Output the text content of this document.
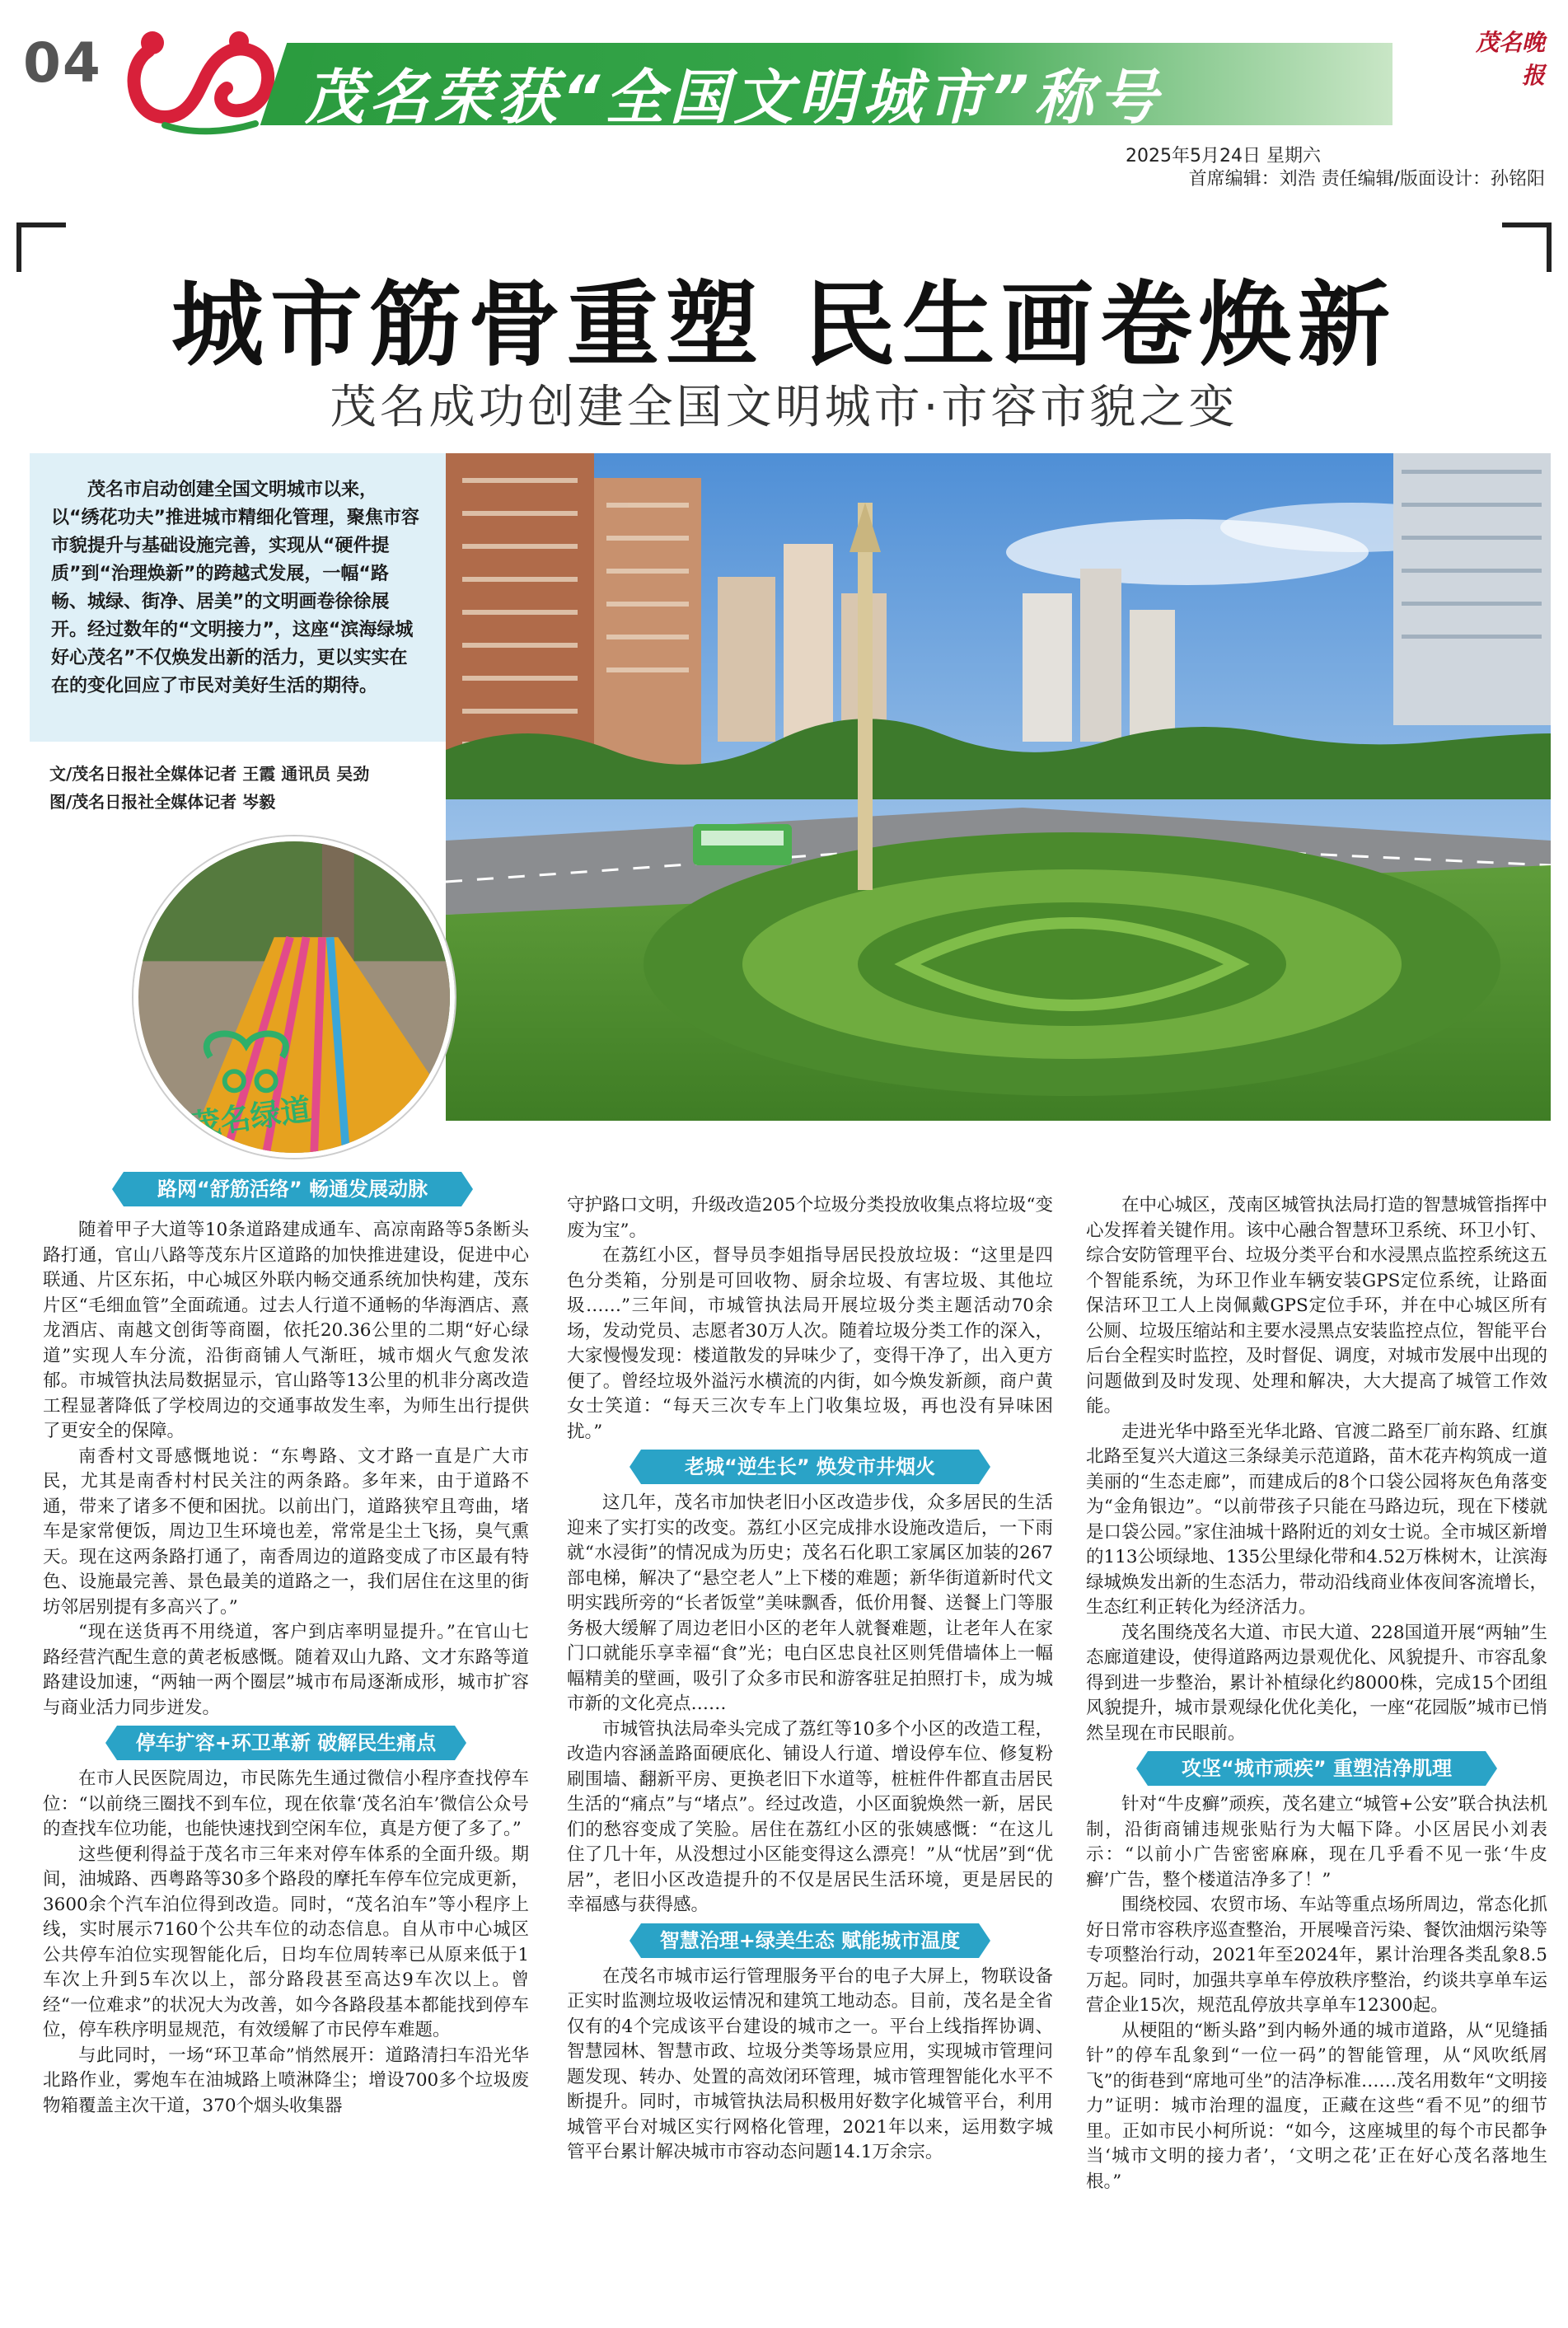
04	茂名荣获“全国文明城市”称号
茂名晚报
2025年5月24日 星期六
首席编辑：刘浩 责任编辑/版面设计：孙铭阳
城市筋骨重塑 民生画卷焕新
茂名成功创建全国文明城市·市容市貌之变

茂名市启动创建全国文明城市以来，以“绣花功夫”推进城市精细化管理，聚焦市容市貌提升与基础设施完善，实现从“硬件提质”到“治理焕新”的跨越式发展，一幅“路畅、城绿、街净、居美”的文明画卷徐徐展开。经过数年的“文明接力”，这座“滨海绿城 好心茂名”不仅焕发出新的活力，更以实实在在的变化回应了市民对美好生活的期待。

文/茂名日报社全媒体记者 王霞 通讯员 吴劲
图/茂名日报社全媒体记者 岑毅
茂名绿道
路网“舒筋活络” 畅通发展动脉

随着甲子大道等10条道路建成通车、高凉南路等5条断头路打通，官山八路等茂东片区道路的加快推进建设，促进中心联通、片区东拓，中心城区外联内畅交通系统加快构建，茂东片区“毛细血管”全面疏通。过去人行道不通畅的华海酒店、熹龙酒店、南越文创街等商圈，依托20.36公里的二期“好心绿道”实现人车分流，沿街商铺人气渐旺，城市烟火气愈发浓郁。市城管执法局数据显示，官山路等13公里的机非分离改造工程显著降低了学校周边的交通事故发生率，为师生出行提供了更安全的保障。

南香村文哥感慨地说：“东粤路、文才路一直是广大市民，尤其是南香村村民关注的两条路。多年来，由于道路不通，带来了诸多不便和困扰。以前出门，道路狭窄且弯曲，堵车是家常便饭，周边卫生环境也差，常常是尘土飞扬，臭气熏天。现在这两条路打通了，南香周边的道路变成了市区最有特色、设施最完善、景色最美的道路之一，我们居住在这里的街坊邻居别提有多高兴了。”

“现在送货再不用绕道，客户到店率明显提升。”在官山七路经营汽配生意的黄老板感慨。随着双山九路、文才东路等道路建设加速，“两轴一两个圈层”城市布局逐渐成形，城市扩容与商业活力同步迸发。

停车扩容+环卫革新 破解民生痛点

在市人民医院周边，市民陈先生通过微信小程序查找停车位：“以前绕三圈找不到车位，现在依靠‘茂名泊车’微信公众号的查找车位功能，也能快速找到空闲车位，真是方便了多了。”

这些便利得益于茂名市三年来对停车体系的全面升级。期间，油城路、西粤路等30多个路段的摩托车停车位完成更新，3600余个汽车泊位得到改造。同时，“茂名泊车”等小程序上线，实时展示7160个公共车位的动态信息。自从市中心城区公共停车泊位实现智能化后，日均车位周转率已从原来低于1车次上升到5车次以上，部分路段甚至高达9车次以上。曾经“一位难求”的状况大为改善，如今各路段基本都能找到停车位，停车秩序明显规范，有效缓解了市民停车难题。

与此同时，一场“环卫革命”悄然展开：道路清扫车沿光华北路作业，雾炮车在油城路上喷淋降尘；增设700多个垃圾废物箱覆盖主次干道，370个烟头收集器

守护路口文明，升级改造205个垃圾分类投放收集点将垃圾“变废为宝”。

在荔红小区，督导员李姐指导居民投放垃圾：“这里是四色分类箱，分别是可回收物、厨余垃圾、有害垃圾、其他垃圾……”三年间，市城管执法局开展垃圾分类主题活动70余场，发动党员、志愿者30万人次。随着垃圾分类工作的深入，大家慢慢发现：楼道散发的异味少了，变得干净了，出入更方便了。曾经垃圾外溢污水横流的内街，如今焕发新颜，商户黄女士笑道：“每天三次专车上门收集垃圾，再也没有异味困扰。”

老城“逆生长” 焕发市井烟火

这几年，茂名市加快老旧小区改造步伐，众多居民的生活迎来了实打实的改变。荔红小区完成排水设施改造后，一下雨就“水浸街”的情况成为历史；茂名石化职工家属区加装的267部电梯，解决了“悬空老人”上下楼的难题；新华街道新时代文明实践所旁的“长者饭堂”美味飘香，低价用餐、送餐上门等服务极大缓解了周边老旧小区的老年人就餐难题，让老年人在家门口就能乐享幸福“食”光；电白区忠良社区则凭借墙体上一幅幅精美的壁画，吸引了众多市民和游客驻足拍照打卡，成为城市新的文化亮点……

市城管执法局牵头完成了荔红等10多个小区的改造工程，改造内容涵盖路面硬底化、铺设人行道、增设停车位、修复粉刷围墙、翻新平房、更换老旧下水道等，桩桩件件都直击居民生活的“痛点”与“堵点”。经过改造，小区面貌焕然一新，居民们的愁容变成了笑脸。居住在荔红小区的张姨感慨：“在这儿住了几十年，从没想过小区能变得这么漂亮！”从“忧居”到“优居”，老旧小区改造提升的不仅是居民生活环境，更是居民的幸福感与获得感。

智慧治理+绿美生态 赋能城市温度

在茂名市城市运行管理服务平台的电子大屏上，物联设备正实时监测垃圾收运情况和建筑工地动态。目前，茂名是全省仅有的4个完成该平台建设的城市之一。平台上线指挥协调、智慧园林、智慧市政、垃圾分类等场景应用，实现城市管理问题发现、转办、处置的高效闭环管理，城市管理智能化水平不断提升。同时，市城管执法局积极用好数字化城管平台，利用城管平台对城区实行网格化管理，2021年以来，运用数字城管平台累计解决城市市容动态问题14.1万余宗。

在中心城区，茂南区城管执法局打造的智慧城管指挥中心发挥着关键作用。该中心融合智慧环卫系统、环卫小钉、综合安防管理平台、垃圾分类平台和水浸黑点监控系统这五个智能系统，为环卫作业车辆安装GPS定位系统，让路面保洁环卫工人上岗佩戴GPS定位手环，并在中心城区所有公厕、垃圾压缩站和主要水浸黑点安装监控点位，智能平台后台全程实时监控，及时督促、调度，对城市发展中出现的问题做到及时发现、处理和解决，大大提高了城管工作效能。

走进光华中路至光华北路、官渡二路至厂前东路、红旗北路至复兴大道这三条绿美示范道路，苗木花卉构筑成一道美丽的“生态走廊”，而建成后的8个口袋公园将灰色角落变为“金角银边”。“以前带孩子只能在马路边玩，现在下楼就是口袋公园。”家住油城十路附近的刘女士说。全市城区新增的113公顷绿地、135公里绿化带和4.52万株树木，让滨海绿城焕发出新的生态活力，带动沿线商业体夜间客流增长，生态红利正转化为经济活力。

茂名围绕茂名大道、市民大道、228国道开展“两轴”生态廊道建设，使得道路两边景观优化、风貌提升、市容乱象得到进一步整治，累计补植绿化约8000株，完成15个团组风貌提升，城市景观绿化优化美化，一座“花园版”城市已悄然呈现在市民眼前。

攻坚“城市顽疾” 重塑洁净肌理

针对“牛皮癣”顽疾，茂名建立“城管+公安”联合执法机制，沿街商铺违规张贴行为大幅下降。小区居民小刘表示：“以前小广告密密麻麻，现在几乎看不见一张‘牛皮癣’广告，整个楼道洁净多了！”

围绕校园、农贸市场、车站等重点场所周边，常态化抓好日常市容秩序巡查整治，开展噪音污染、餐饮油烟污染等专项整治行动，2021年至2024年，累计治理各类乱象8.5万起。同时，加强共享单车停放秩序整治，约谈共享单车运营企业15次，规范乱停放共享单车12300起。

从梗阻的“断头路”到内畅外通的城市道路，从“见缝插针”的停车乱象到“一位一码”的智能管理，从“风吹纸屑飞”的街巷到“席地可坐”的洁净标准……茂名用数年“文明接力”证明：城市治理的温度，正藏在这些“看不见”的细节里。正如市民小柯所说：“如今，这座城里的每个市民都争当‘城市文明的接力者’，‘文明之花’正在好心茂名落地生根。”
